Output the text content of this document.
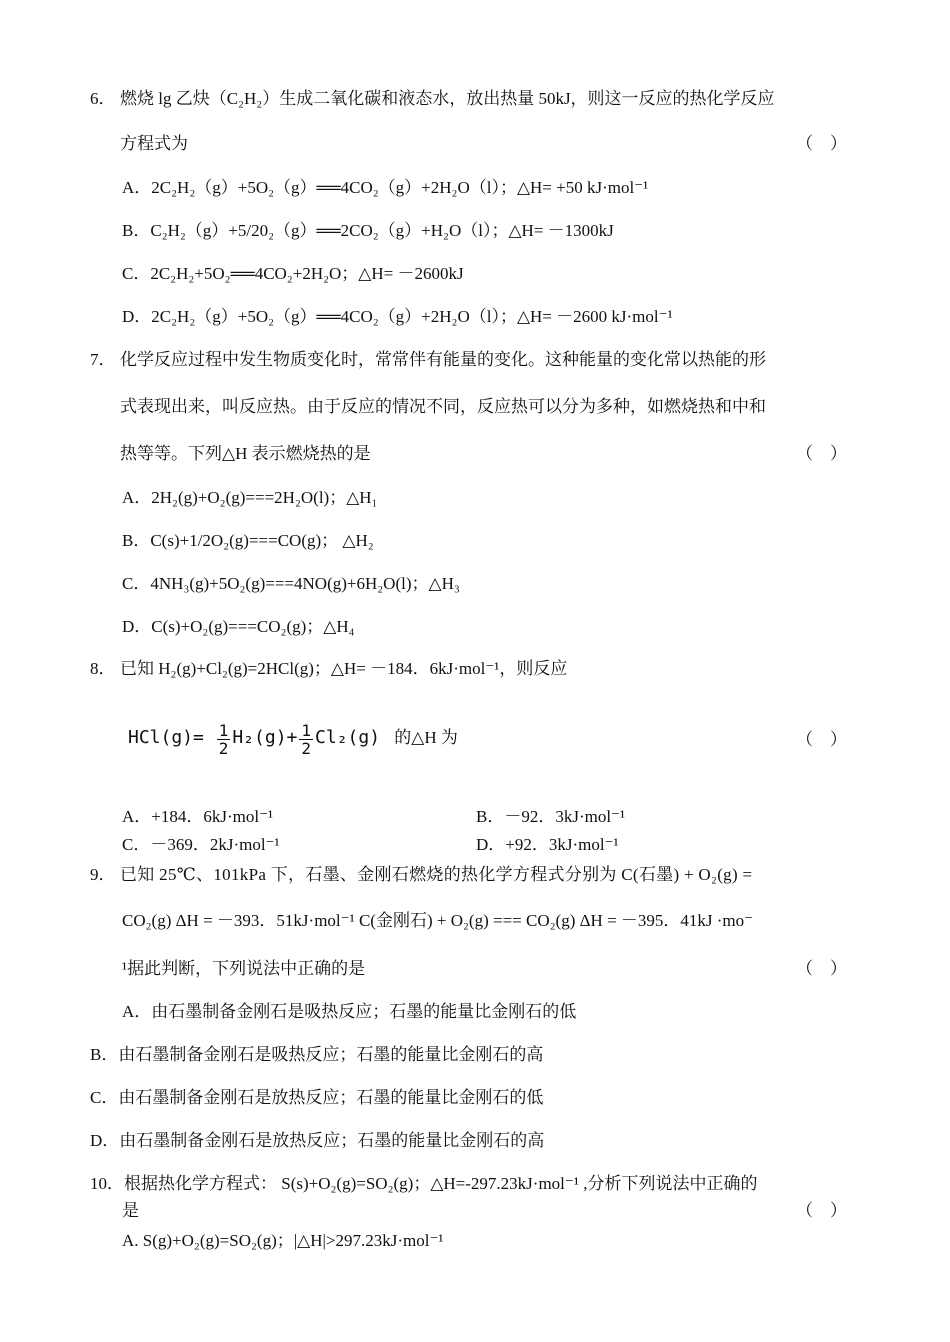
6． 燃烧 lg 乙炔（C₂H₂）生成二氧化碳和液态水，放出热量 50kJ，则这一反应的热化学反应
方程式为	（　）
A．2C₂H₂（g）+5O₂（g）══4CO₂（g）+2H₂O（l）；△H= +50 kJ·mol⁻¹
B．C₂H₂（g）+5/20₂（g）══2CO₂（g）+H₂O（l）；△H= －1300kJ
C．2C₂H₂+5O₂══4CO₂+2H₂O；△H= －2600kJ
D．2C₂H₂（g）+5O₂（g）══4CO₂（g）+2H₂O（l）；△H= －2600 kJ·mol⁻¹
7． 化学反应过程中发生物质变化时，常常伴有能量的变化。这种能量的变化常以热能的形
式表现出来，叫反应热。由于反应的情况不同，反应热可以分为多种，如燃烧热和中和
热等等。下列△H 表示燃烧热的是	（　）
A．2H₂(g)+O₂(g)===2H₂O(l)；△H₁
B．C(s)+1/2O₂(g)===CO(g)； △H₂
C．4NH₃(g)+5O₂(g)===4NO(g)+6H₂O(l)；△H₃
D．C(s)+O₂(g)===CO₂(g)；△H₄
8． 已知 H₂(g)+Cl₂(g)=2HCl(g)；△H= －184．6kJ·mol⁻¹，则反应
$HCl(g)= \frac{1}{2} H_2(g)+ \frac{1}{2} Cl_2(g)$ 的△H 为	（　）
A．+184．6kJ·mol⁻¹	B．－92．3kJ·mol⁻¹
C．－369．2kJ·mol⁻¹	D．+92．3kJ·mol⁻¹
9． 已知 25℃、101kPa 下，石墨、金刚石燃烧的热化学方程式分别为 C(石墨) + O₂(g) =
CO₂(g) ΔH = －393．51kJ·mol⁻¹ C(金刚石) + O₂(g) === CO₂(g) ΔH = －395．41kJ ·mo⁻
¹据此判断，下列说法中正确的是	（　）
A．由石墨制备金刚石是吸热反应；石墨的能量比金刚石的低
B．由石墨制备金刚石是吸热反应；石墨的能量比金刚石的高
C．由石墨制备金刚石是放热反应；石墨的能量比金刚石的低
D．由石墨制备金刚石是放热反应；石墨的能量比金刚石的高
10． 根据热化学方程式： S(s)+O₂(g)=SO₂(g)；△H=-297.23kJ·mol⁻¹ ,分析下列说法中正确的
是	（　）
A. S(g)+O₂(g)=SO₂(g)；|△H|>297.23kJ·mol⁻¹
